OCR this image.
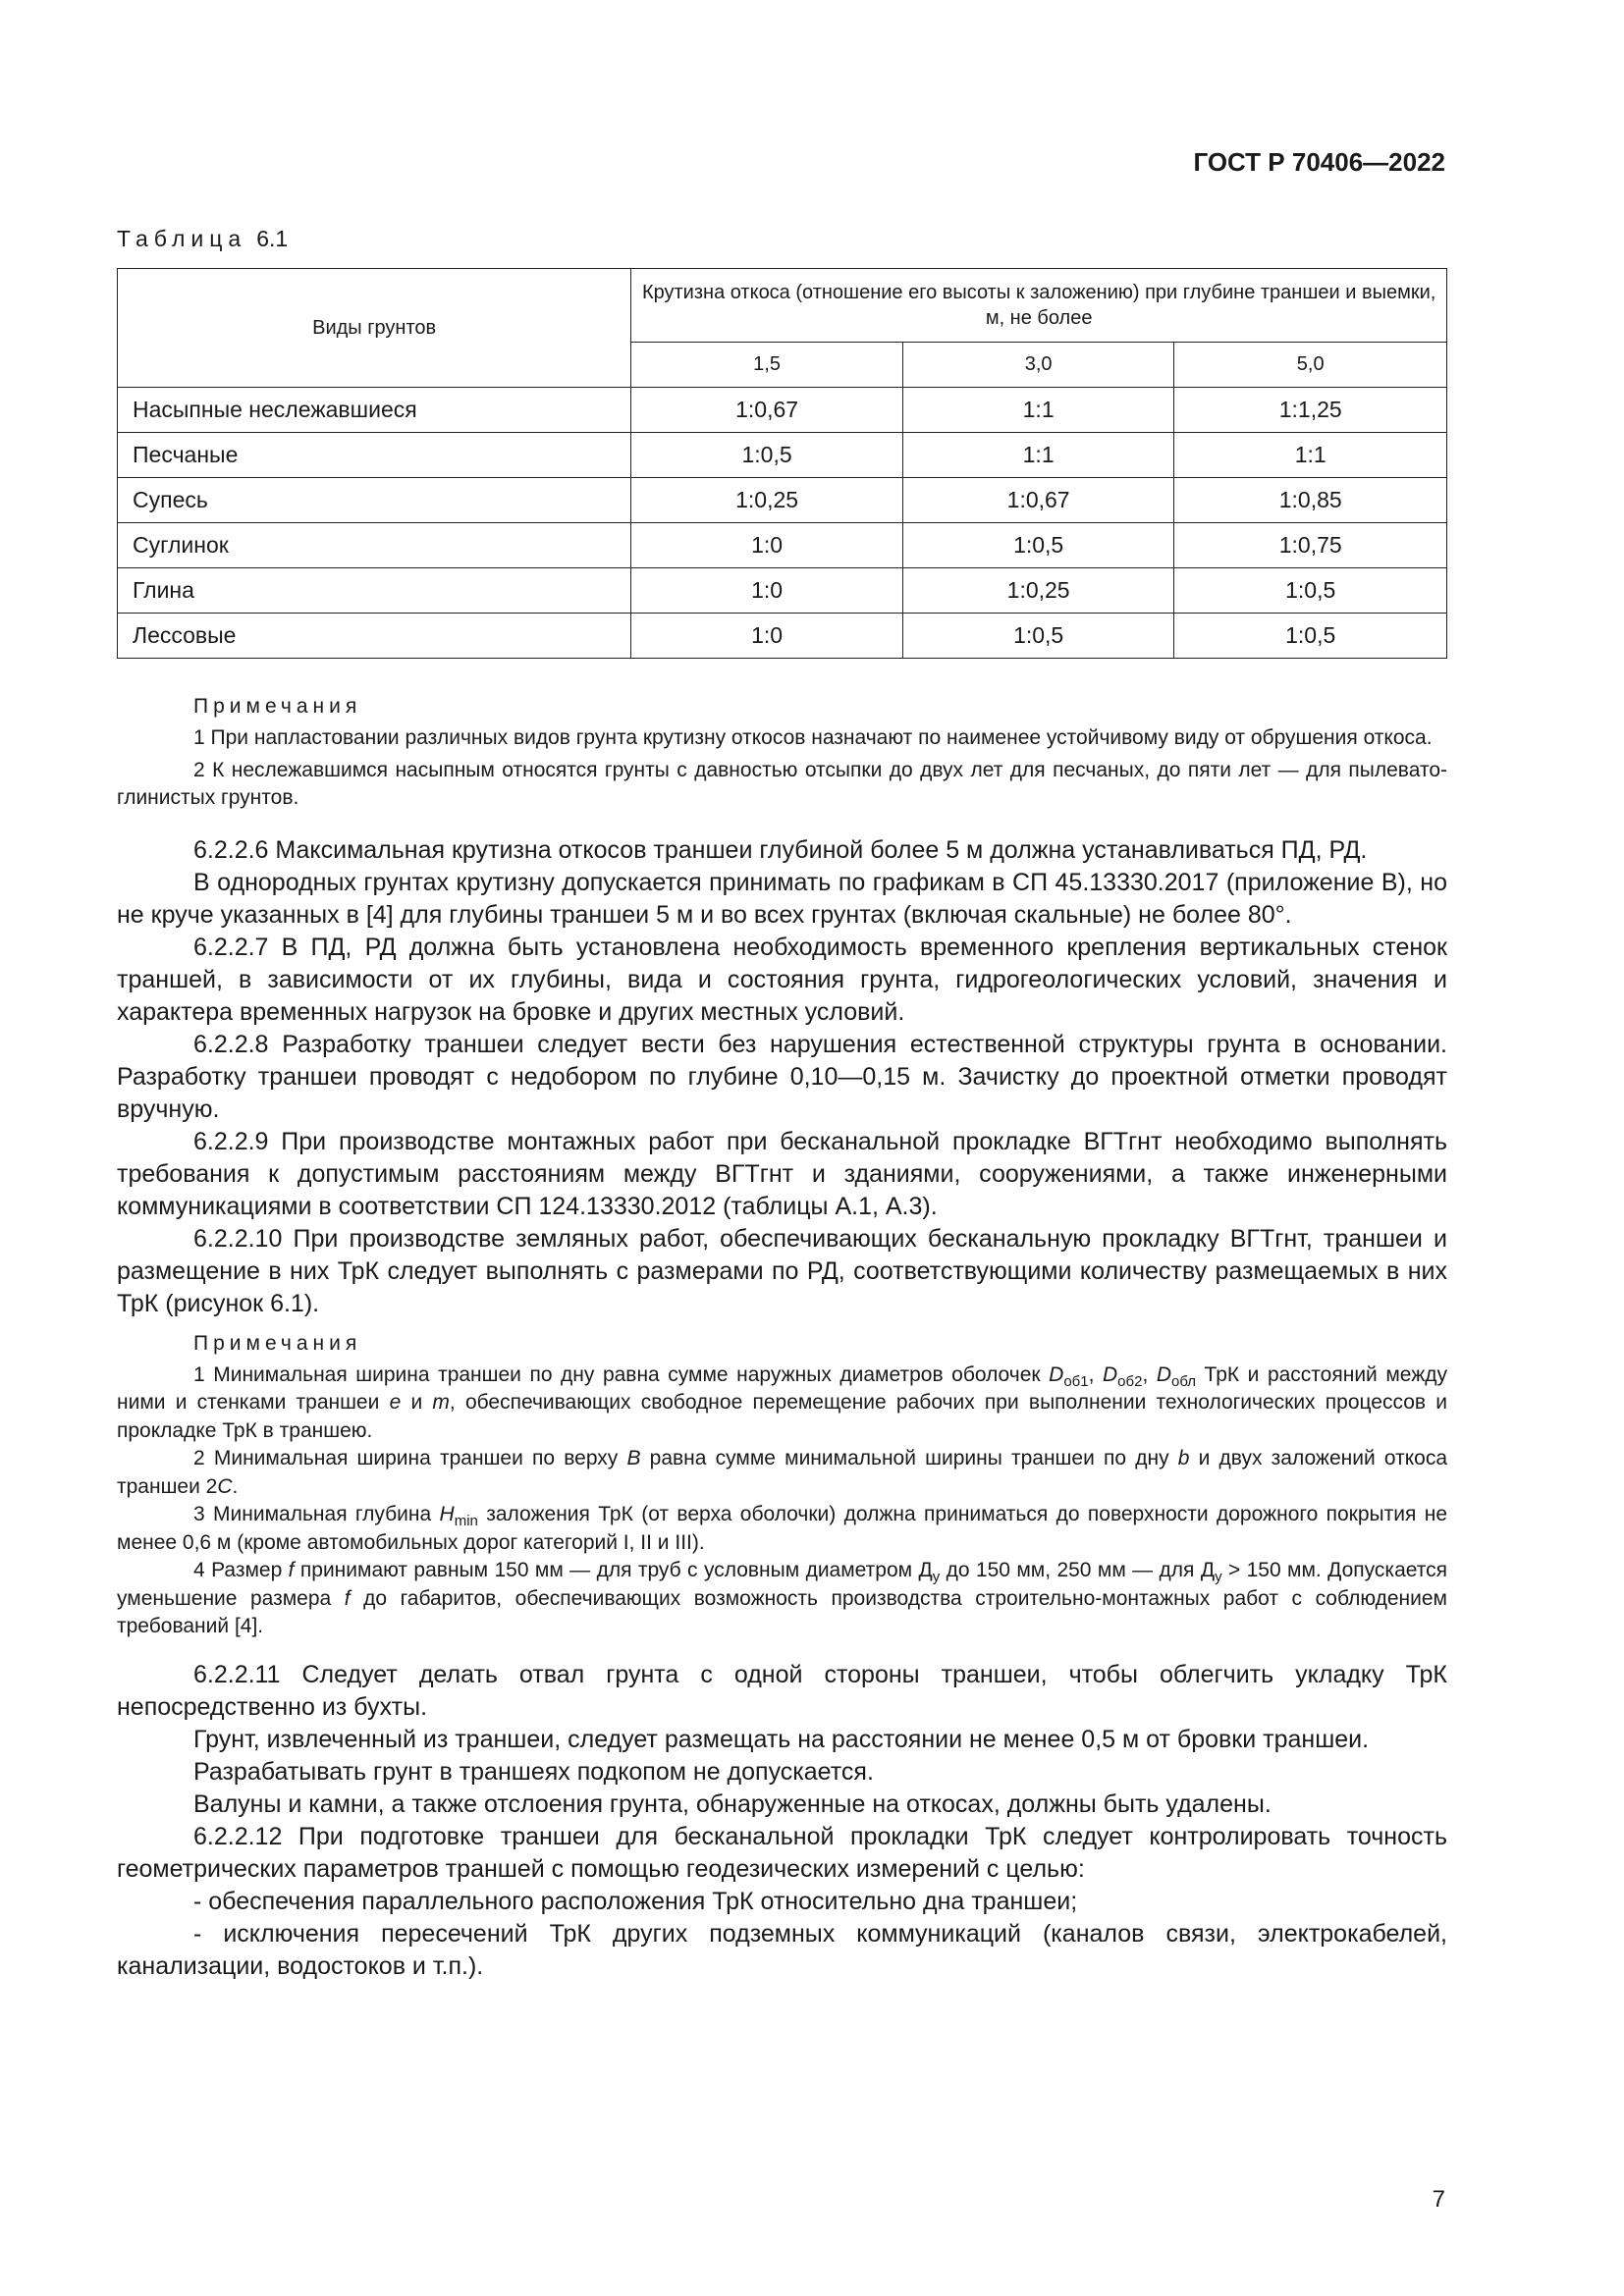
ГОСТ Р 70406—2022
Таблица 6.1
Виды грунтов	Крутизна откоса (отношение его высоты к заложению) при глубине траншеи и выемки, м, не более		
	1,5	3,0	5,0
Насыпные неслежавшиеся	1:0,67	1:1	1:1,25
Песчаные	1:0,5	1:1	1:1
Супесь	1:0,25	1:0,67	1:0,85
Суглинок	1:0	1:0,5	1:0,75
Глина	1:0	1:0,25	1:0,5
Лессовые	1:0	1:0,5	1:0,5

Примечания

1 При напластовании различных видов грунта крутизну откосов назначают по наименее устойчивому виду от обрушения откоса.

2 К неслежавшимся насыпным относятся грунты с давностью отсыпки до двух лет для песчаных, до пяти лет — для пылевато-глинистых грунтов.

6.2.2.6 Максимальная крутизна откосов траншеи глубиной более 5 м должна устанавливаться ПД, РД.

В однородных грунтах крутизну допускается принимать по графикам в СП 45.13330.2017 (приложение В), но не круче указанных в [4] для глубины траншеи 5 м и во всех грунтах (включая скальные) не более 80°.

6.2.2.7 В ПД, РД должна быть установлена необходимость временного крепления вертикальных стенок траншей, в зависимости от их глубины, вида и состояния грунта, гидрогеологических условий, значения и характера временных нагрузок на бровке и других местных условий.

6.2.2.8 Разработку траншеи следует вести без нарушения естественной структуры грунта в основании. Разработку траншеи проводят с недобором по глубине 0,10—0,15 м. Зачистку до проектной отметки проводят вручную.

6.2.2.9 При производстве монтажных работ при бесканальной прокладке ВГТгнт необходимо выполнять требования к допустимым расстояниям между ВГТгнт и зданиями, сооружениями, а также инженерными коммуникациями в соответствии СП 124.13330.2012 (таблицы А.1, А.3).

6.2.2.10 При производстве земляных работ, обеспечивающих бесканальную прокладку ВГТгнт, траншеи и размещение в них ТрК следует выполнять с размерами по РД, соответствующими количеству размещаемых в них ТрК (рисунок 6.1).

Примечания

1 Минимальная ширина траншеи по дну равна сумме наружных диаметров оболочек $D_{об1}$, $D_{об2}$, $D_{обл}$ ТрК и расстояний между ними и стенками траншеи e и m, обеспечивающих свободное перемещение рабочих при выполнении технологических процессов и прокладке ТрК в траншею.

2 Минимальная ширина траншеи по верху B равна сумме минимальной ширины траншеи по дну b и двух заложений откоса траншеи 2C.

3 Минимальная глубина $H_{min}$ заложения ТрК (от верха оболочки) должна приниматься до поверхности дорожного покрытия не менее 0,6 м (кроме автомобильных дорог категорий I, II и III).

4 Размер f принимают равным 150 мм — для труб с условным диаметром $Д_у$ до 150 мм, 250 мм — для $Д_у > 150$ мм. Допускается уменьшение размера f до габаритов, обеспечивающих возможность производства строительно-монтажных работ с соблюдением требований [4].

6.2.2.11 Следует делать отвал грунта с одной стороны траншеи, чтобы облегчить укладку ТрК непосредственно из бухты.

Грунт, извлеченный из траншеи, следует размещать на расстоянии не менее 0,5 м от бровки траншеи.

Разрабатывать грунт в траншеях подкопом не допускается.

Валуны и камни, а также отслоения грунта, обнаруженные на откосах, должны быть удалены.

6.2.2.12 При подготовке траншеи для бесканальной прокладки ТрК следует контролировать точность геометрических параметров траншей с помощью геодезических измерений с целью:

- обеспечения параллельного расположения ТрК относительно дна траншеи;

- исключения пересечений ТрК других подземных коммуникаций (каналов связи, электрокабелей, канализации, водостоков и т.п.).

7
